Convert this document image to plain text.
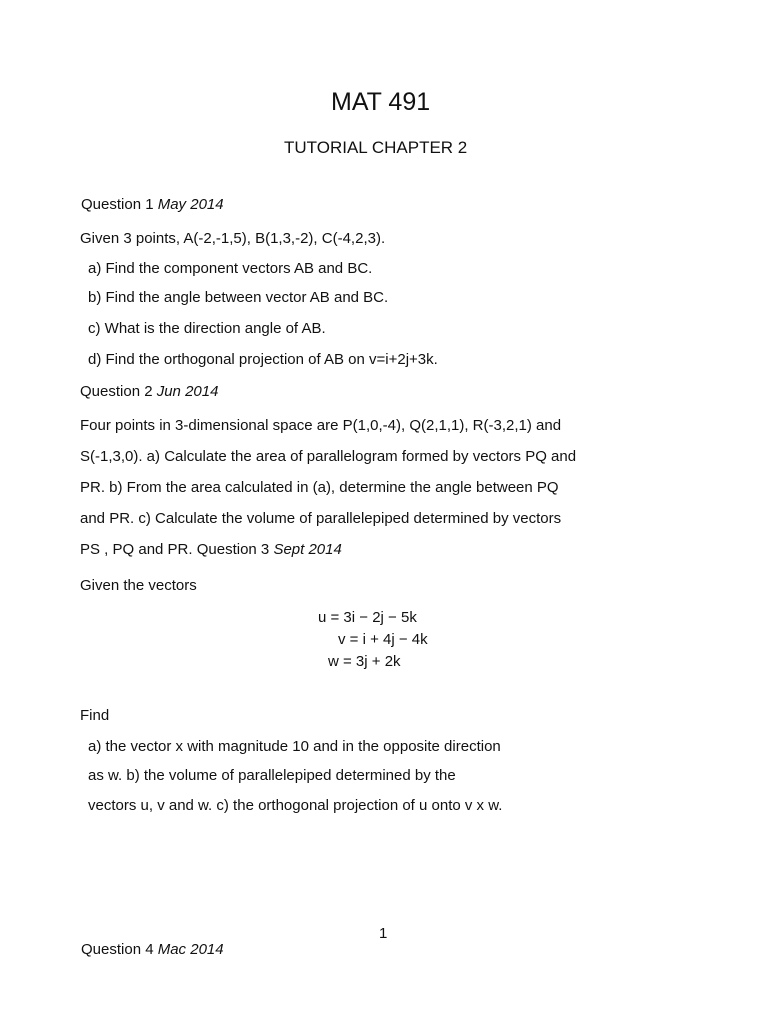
MAT 491
TUTORIAL CHAPTER 2
Question 1 May 2014
Given 3 points, A(-2,-1,5), B(1,3,-2), C(-4,2,3).
a) Find the component vectors AB and BC.
b) Find the angle between vector AB and BC.
c) What is the direction angle of AB.
d) Find the orthogonal projection of AB on v=i+2j+3k.
Question 2 Jun 2014
Four points in 3-dimensional space are P(1,0,-4), Q(2,1,1), R(-3,2,1) and
S(-1,3,0). a) Calculate the area of parallelogram formed by vectors PQ and
PR. b) From the area calculated in (a), determine the angle between PQ
and PR. c) Calculate the volume of parallelepiped determined by vectors
PS , PQ and PR. Question 3 Sept 2014
Given the vectors
u = 3i − 2j − 5k
v = i + 4j − 4k
w = 3j + 2k
Find
a) the vector x with magnitude 10 and in the opposite direction
as w. b) the volume of parallelepiped determined by the
vectors u, v and w. c) the orthogonal projection of u onto v x w.
1
Question 4 Mac 2014
